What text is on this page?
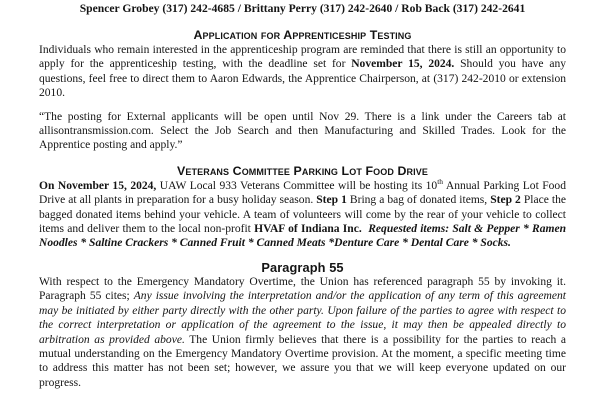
Spencer Grobey (317) 242-4685 / Brittany Perry (317) 242-2640 / Rob Back (317) 242-2641
Application for Apprenticeship Testing

Individuals who remain interested in the apprenticeship program are reminded that there is still an opportunity to apply for the apprenticeship testing, with the deadline set for November 15, 2024. Should you have any questions, feel free to direct them to Aaron Edwards, the Apprentice Chairperson, at (317) 242-2010 or extension 2010.

“The posting for External applicants will be open until Nov 29. There is a link under the Careers tab at allisontransmission.com. Select the Job Search and then Manufacturing and Skilled Trades. Look for the Apprentice posting and apply.”

Veterans Committee Parking Lot Food Drive

On November 15, 2024, UAW Local 933 Veterans Committee will be hosting its 10th Annual Parking Lot Food Drive at all plants in preparation for a busy holiday season. Step 1 Bring a bag of donated items, Step 2 Place the bagged donated items behind your vehicle. A team of volunteers will come by the rear of your vehicle to collect items and deliver them to the local non-profit HVAF of Indiana Inc. Requested items: Salt & Pepper * Ramen Noodles * Saltine Crackers * Canned Fruit * Canned Meats *Denture Care * Dental Care * Socks.

Paragraph 55

With respect to the Emergency Mandatory Overtime, the Union has referenced paragraph 55 by invoking it. Paragraph 55 cites; Any issue involving the interpretation and/or the application of any term of this agreement may be initiated by either party directly with the other party. Upon failure of the parties to agree with respect to the correct interpretation or application of the agreement to the issue, it may then be appealed directly to arbitration as provided above. The Union firmly believes that there is a possibility for the parties to reach a mutual understanding on the Emergency Mandatory Overtime provision. At the moment, a specific meeting time to address this matter has not been set; however, we assure you that we will keep everyone updated on our progress.
